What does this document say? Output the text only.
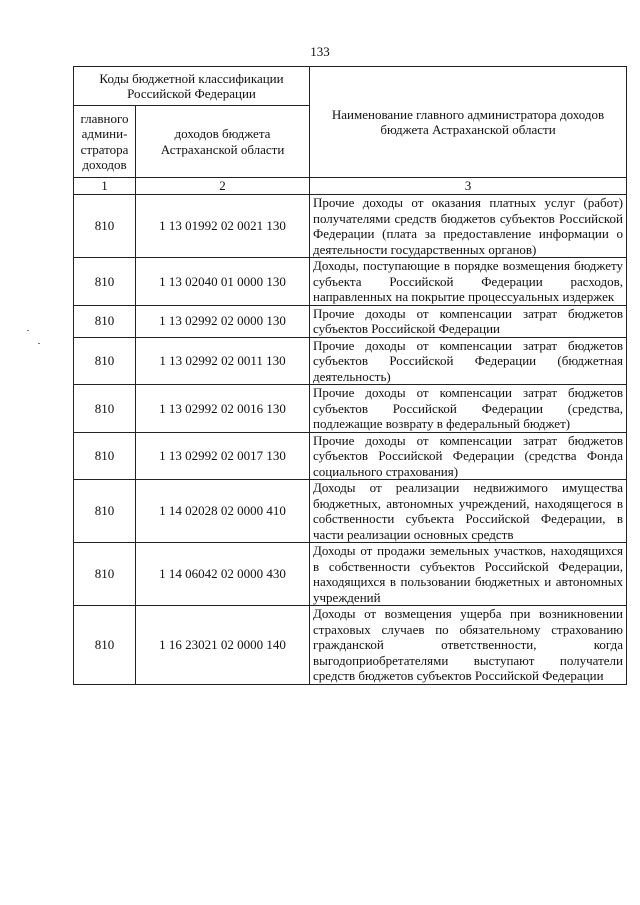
133
Коды бюджетной классификации Российской Федерации		Наименование главного администратора доходов бюджета Астраханской области
главного админи-стратора доходов	доходов бюджета Астраханской области	
1	2	3
810	1 13 01992 02 0021 130	Прочие доходы от оказания платных услуг (работ) получателями средств бюджетов субъектов Российской Федерации (плата за предоставление информации о деятельности государственных органов)
810	1 13 02040 01 0000 130	Доходы, поступающие в порядке возмещения бюджету субъекта Российской Федерации расходов, направленных на покрытие процессуальных издержек
810	1 13 02992 02 0000 130	Прочие доходы от компенсации затрат бюджетов субъектов Российской Федерации
810	1 13 02992 02 0011 130	Прочие доходы от компенсации затрат бюджетов субъектов Российской Федерации (бюджетная деятельность)
810	1 13 02992 02 0016 130	Прочие доходы от компенсации затрат бюджетов субъектов Российской Федерации (средства, подлежащие возврату в федеральный бюджет)
810	1 13 02992 02 0017 130	Прочие доходы от компенсации затрат бюджетов субъектов Российской Федерации (средства Фонда социального страхования)
810	1 14 02028 02 0000 410	Доходы от реализации недвижимого имущества бюджетных, автономных учреждений, находящегося в собственности субъекта Российской Федерации, в части реализации основных средств
810	1 14 06042 02 0000 430	Доходы от продажи земельных участков, находящихся в собственности субъектов Российской Федерации, находящихся в пользовании бюджетных и автономных учреждений
810	1 16 23021 02 0000 140	Доходы от возмещения ущерба при возникновении страховых случаев по обязательному страхованию гражданской ответственности, когда выгодоприобретателями выступают получатели средств бюджетов субъектов Российской Федерации
